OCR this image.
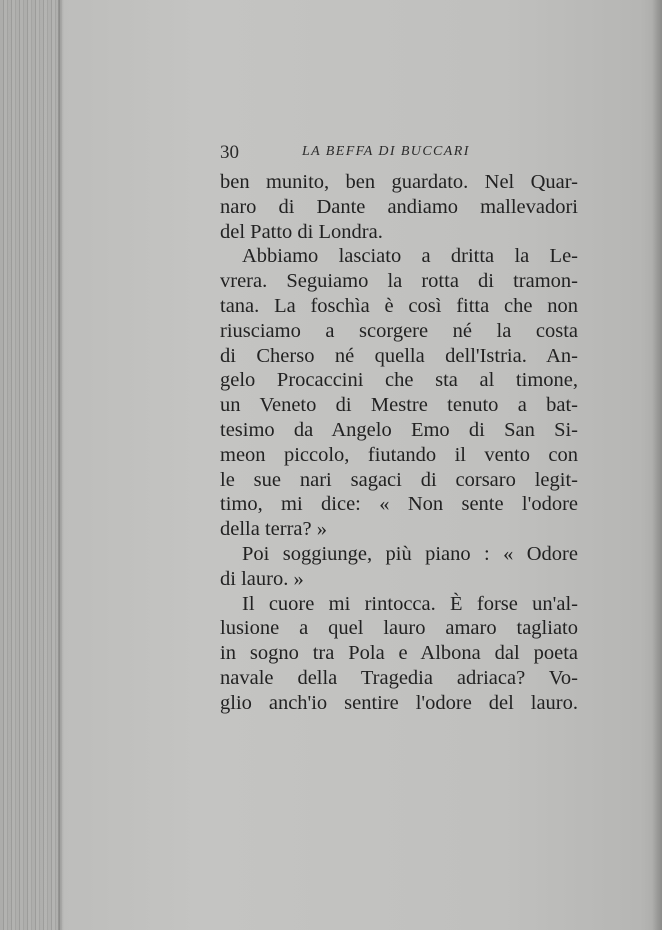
30	LA BEFFA DI BUCCARI
ben munito, ben guardato. Nel Quar-
naro di Dante andiamo mallevadori
del Patto di Londra.
Abbiamo lasciato a dritta la Le-
vrera. Seguiamo la rotta di tramon-
tana. La foschìa è così fitta che non
riusciamo a scorgere né la costa
di Cherso né quella dell'Istria. An-
gelo Procaccini che sta al timone,
un Veneto di Mestre tenuto a bat-
tesimo da Angelo Emo di San Si-
meon piccolo, fiutando il vento con
le sue nari sagaci di corsaro legit-
timo, mi dice: « Non sente l'odore
della terra? »
Poi soggiunge, più piano : « Odore
di lauro. »
Il cuore mi rintocca. È forse un'al-
lusione a quel lauro amaro tagliato
in sogno tra Pola e Albona dal poeta
navale della Tragedia adriaca? Vo-
glio anch'io sentire l'odore del lauro.
